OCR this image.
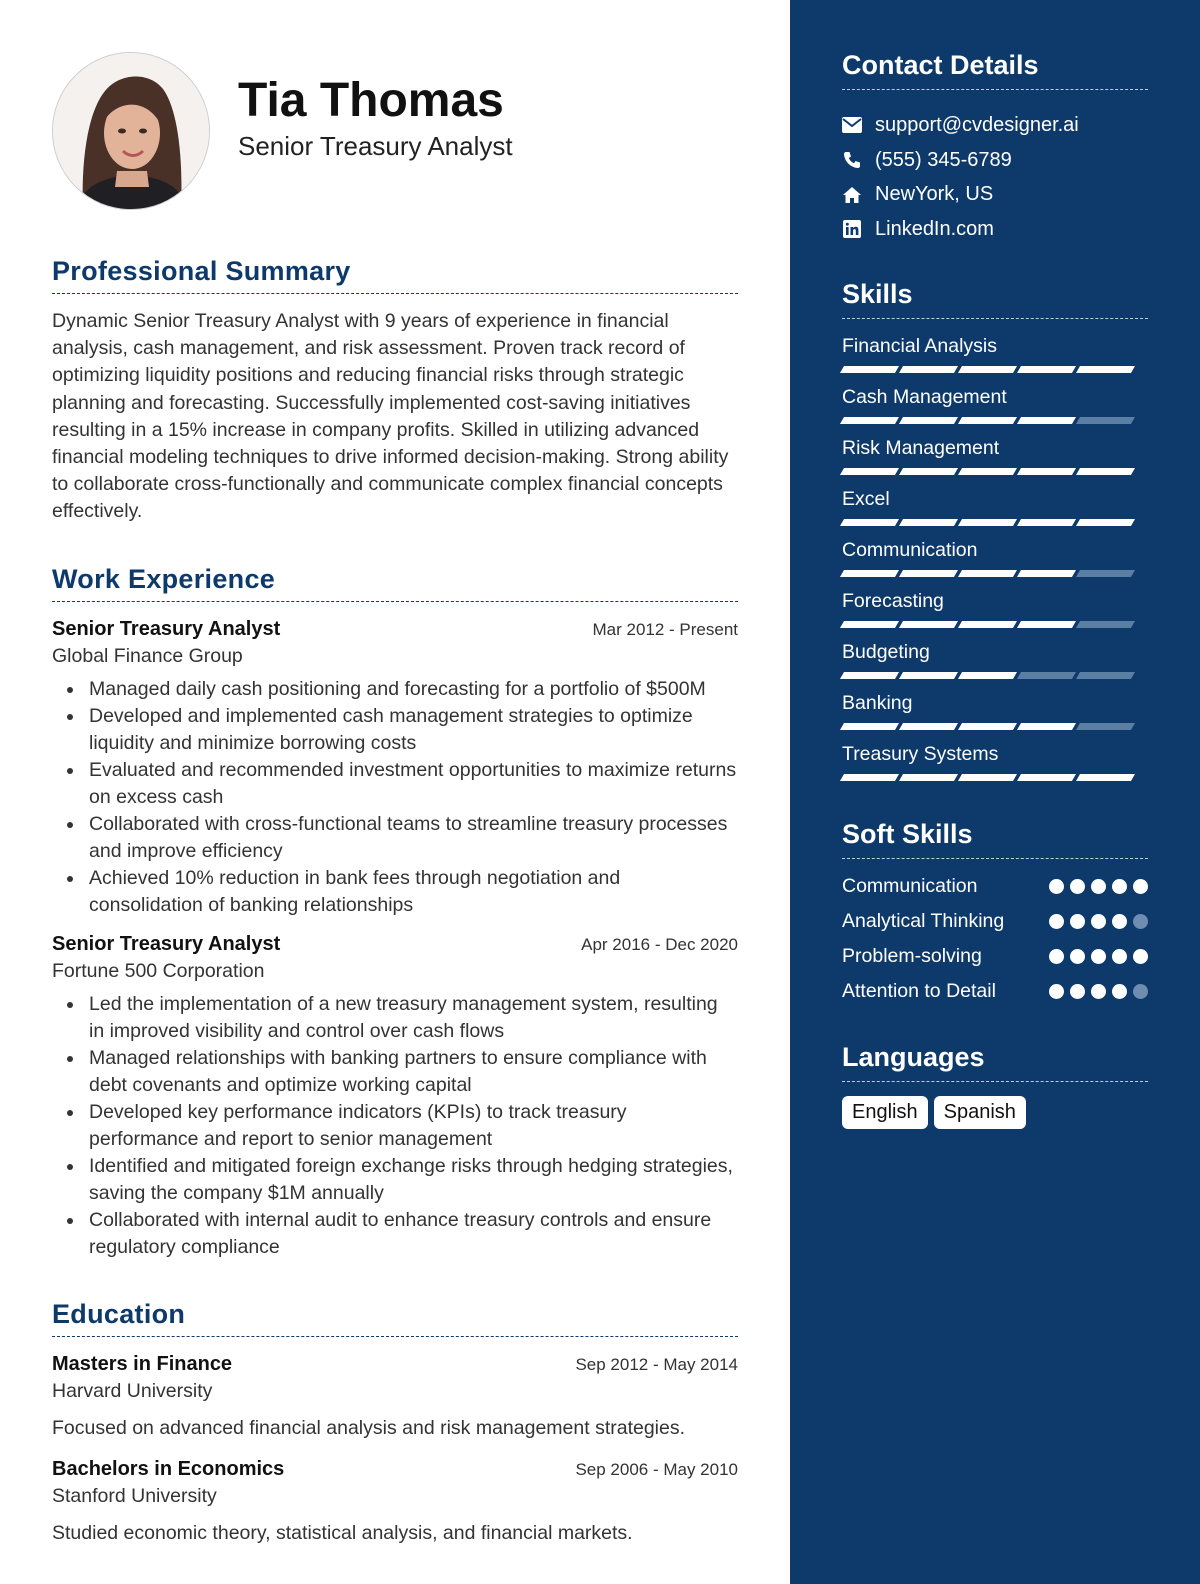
Tia Thomas
Senior Treasury Analyst
Professional Summary

Dynamic Senior Treasury Analyst with 9 years of experience in financial analysis, cash management, and risk assessment. Proven track record of optimizing liquidity positions and reducing financial risks through strategic planning and forecasting. Successfully implemented cost-saving initiatives resulting in a 15% increase in company profits. Skilled in utilizing advanced financial modeling techniques to drive informed decision-making. Strong ability to collaborate cross-functionally and communicate complex financial concepts effectively.

Work Experience
Senior Treasury Analyst	Mar 2012 - Present
Global Finance Group
Managed daily cash positioning and forecasting for a portfolio of $500M
Developed and implemented cash management strategies to optimize liquidity and minimize borrowing costs
Evaluated and recommended investment opportunities to maximize returns on excess cash
Collaborated with cross-functional teams to streamline treasury processes and improve efficiency
Achieved 10% reduction in bank fees through negotiation and consolidation of banking relationships
Senior Treasury Analyst	Apr 2016 - Dec 2020
Fortune 500 Corporation
Led the implementation of a new treasury management system, resulting in improved visibility and control over cash flows
Managed relationships with banking partners to ensure compliance with debt covenants and optimize working capital
Developed key performance indicators (KPIs) to track treasury performance and report to senior management
Identified and mitigated foreign exchange risks through hedging strategies, saving the company $1M annually
Collaborated with internal audit to enhance treasury controls and ensure regulatory compliance
Education
Masters in Finance	Sep 2012 - May 2014
Harvard University
Focused on advanced financial analysis and risk management strategies.
Bachelors in Economics	Sep 2006 - May 2010
Stanford University
Studied economic theory, statistical analysis, and financial markets.
Contact Details
support@cvdesigner.ai
(555) 345-6789
NewYork, US
LinkedIn.com
Skills
Financial Analysis
Cash Management
Risk Management
Excel
Communication
Forecasting
Budgeting
Banking
Treasury Systems
Soft Skills
Communication
Analytical Thinking
Problem-solving
Attention to Detail
Languages
English	Spanish
